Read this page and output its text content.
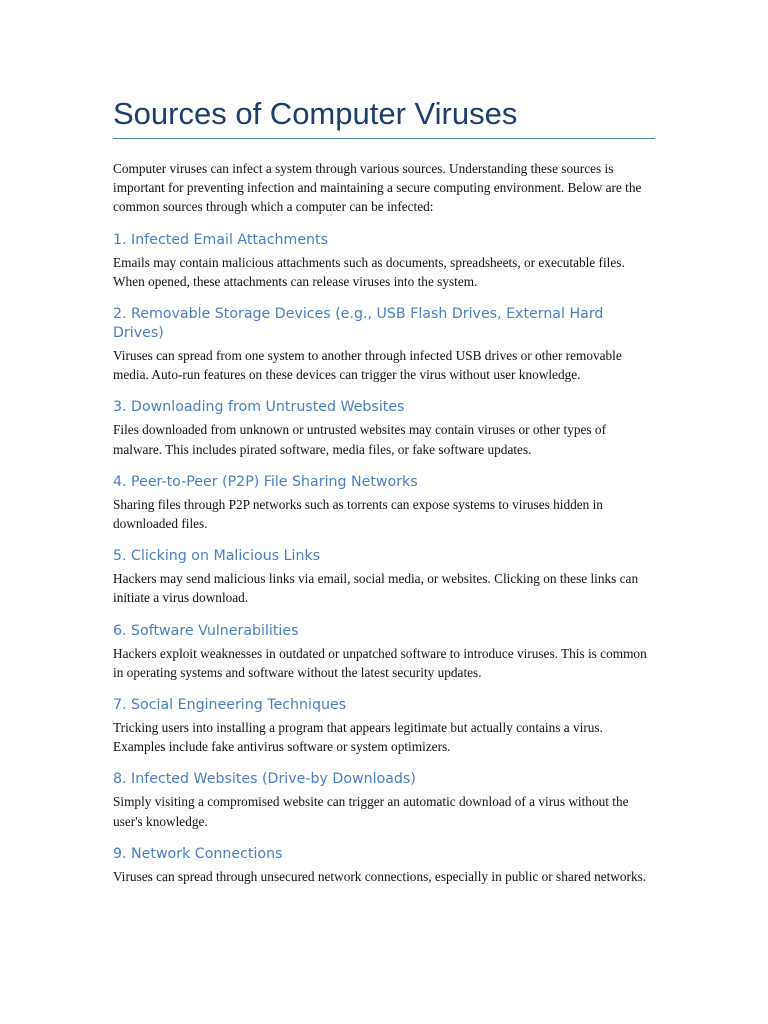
Sources of Computer Viruses

Computer viruses can infect a system through various sources. Understanding these sources is important for preventing infection and maintaining a secure computing environment. Below are the common sources through which a computer can be infected:

1. Infected Email Attachments

Emails may contain malicious attachments such as documents, spreadsheets, or executable files. When opened, these attachments can release viruses into the system.

2. Removable Storage Devices (e.g., USB Flash Drives, External Hard Drives)

Viruses can spread from one system to another through infected USB drives or other removable media. Auto-run features on these devices can trigger the virus without user knowledge.

3. Downloading from Untrusted Websites

Files downloaded from unknown or untrusted websites may contain viruses or other types of malware. This includes pirated software, media files, or fake software updates.

4. Peer-to-Peer (P2P) File Sharing Networks

Sharing files through P2P networks such as torrents can expose systems to viruses hidden in downloaded files.

5. Clicking on Malicious Links

Hackers may send malicious links via email, social media, or websites. Clicking on these links can initiate a virus download.

6. Software Vulnerabilities

Hackers exploit weaknesses in outdated or unpatched software to introduce viruses. This is common in operating systems and software without the latest security updates.

7. Social Engineering Techniques

Tricking users into installing a program that appears legitimate but actually contains a virus. Examples include fake antivirus software or system optimizers.

8. Infected Websites (Drive-by Downloads)

Simply visiting a compromised website can trigger an automatic download of a virus without the user's knowledge.

9. Network Connections

Viruses can spread through unsecured network connections, especially in public or shared networks.
